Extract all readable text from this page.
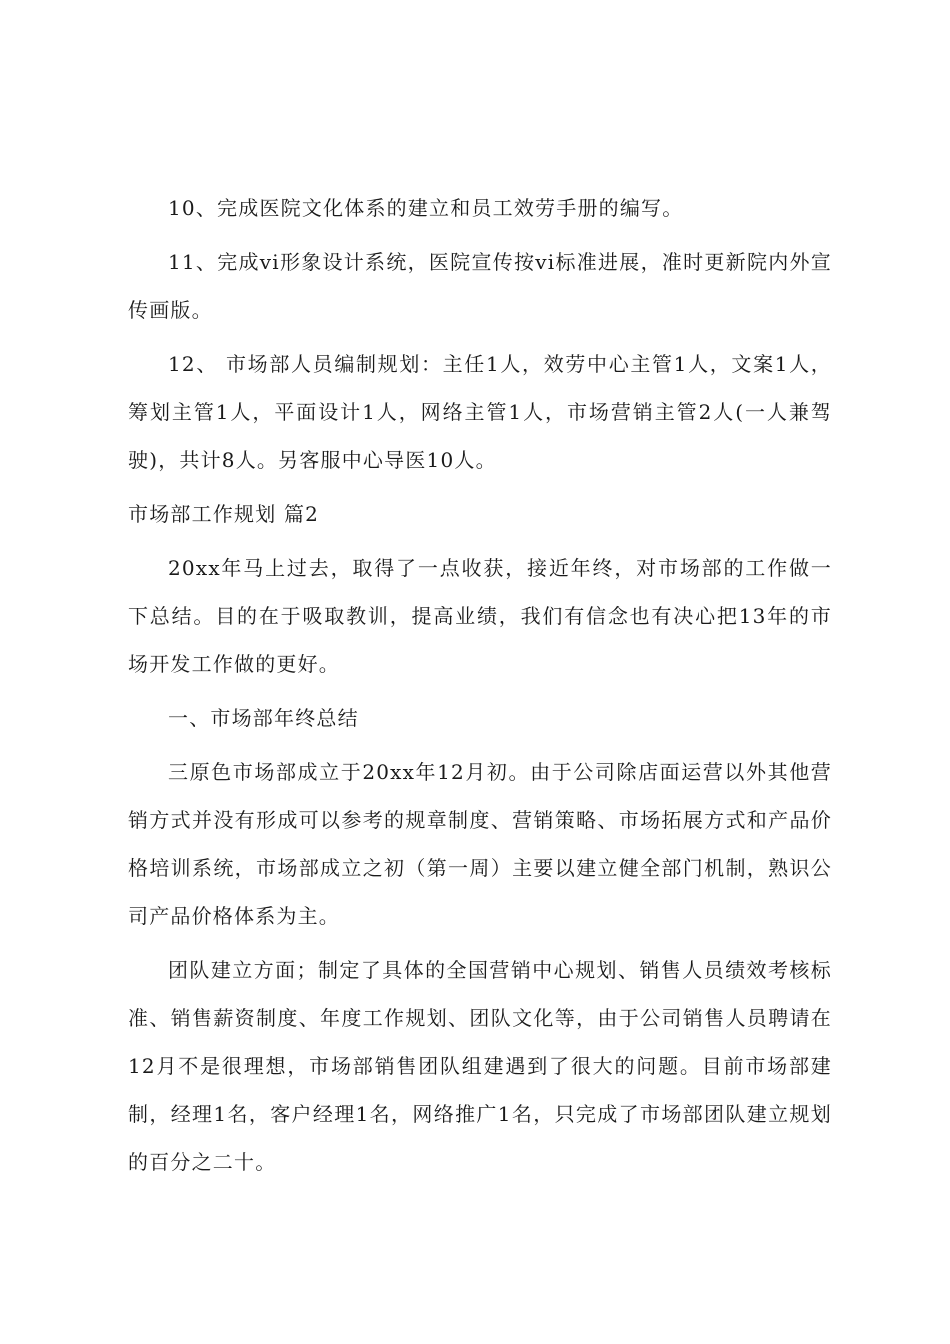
10、完成医院文化体系的建立和员工效劳手册的编写。

11、完成vi形象设计系统，医院宣传按vi标准进展，准时更新院内外宣传画版。

12、 市场部人员编制规划：主任1人，效劳中心主管1人，文案1人，筹划主管1人，平面设计1人，网络主管1人，市场营销主管2人(一人兼驾驶)，共计8人。另客服中心导医10人。

市场部工作规划 篇2

20xx年马上过去，取得了一点收获，接近年终，对市场部的工作做一下总结。目的在于吸取教训，提高业绩，我们有信念也有决心把13年的市场开发工作做的更好。

一、市场部年终总结

三原色市场部成立于20xx年12月初。由于公司除店面运营以外其他营销方式并没有形成可以参考的规章制度、营销策略、市场拓展方式和产品价格培训系统，市场部成立之初（第一周）主要以建立健全部门机制，熟识公司产品价格体系为主。

团队建立方面；制定了具体的全国营销中心规划、销售人员绩效考核标准、销售薪资制度、年度工作规划、团队文化等，由于公司销售人员聘请在12月不是很理想，市场部销售团队组建遇到了很大的问题。目前市场部建制，经理1名，客户经理1名，网络推广1名，只完成了市场部团队建立规划的百分之二十。
